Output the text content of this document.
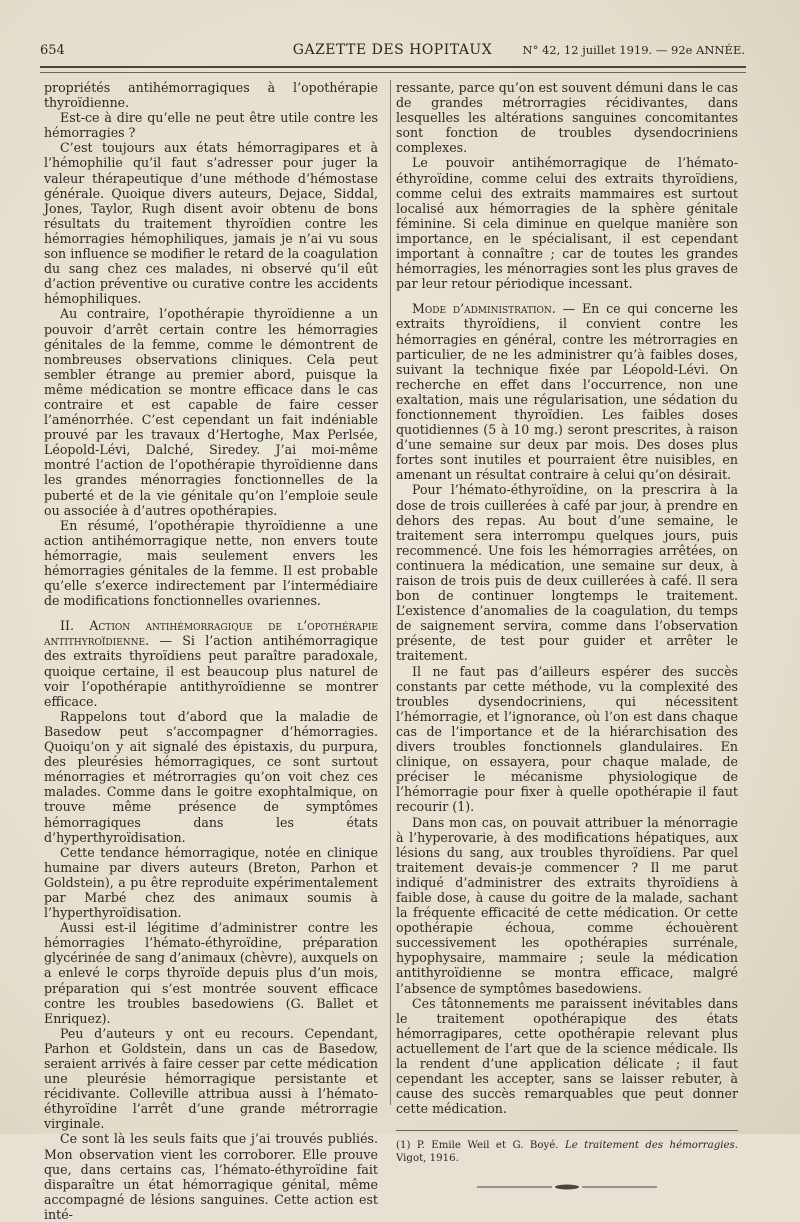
654	GAZETTE DES HOPITAUX	N° 42, 12 juillet 1919. — 92e ANNÉE.

propriétés antihémorragiques à l’opothérapie thyroïdienne.

Est-ce à dire qu’elle ne peut être utile contre les hémorragies ?

C’est toujours aux états hémorragipares et à l’hémophilie qu’il faut s’adresser pour juger la valeur thérapeutique d’une méthode d’hémostase générale. Quoique divers auteurs, Dejace, Siddal, Jones, Taylor, Rugh disent avoir obtenu de bons résultats du traitement thyroïdien contre les hémorragies hémophiliques, jamais je n’ai vu sous son influence se modifier le retard de la coagulation du sang chez ces malades, ni observé qu’il eût d’action préventive ou curative contre les accidents hémophiliques.

Au contraire, l’opothérapie thyroïdienne a un pouvoir d’arrêt certain contre les hémorragies génitales de la femme, comme le démontrent de nombreuses observations cliniques. Cela peut sembler étrange au premier abord, puisque la même médication se montre efficace dans le cas contraire et est capable de faire cesser l’aménorrhée. C’est cependant un fait indéniable prouvé par les travaux d’Hertoghe, Max Perlsée, Léopold-Lévi, Dalché, Siredey. J’ai moi-même montré l’action de l’opothérapie thyroïdienne dans les grandes ménorragies fonctionnelles de la puberté et de la vie génitale qu’on l’emploie seule ou associée à d’autres opothérapies.

En résumé, l’opothérapie thyroïdienne a une action antihémorragique nette, non envers toute hémorragie, mais seulement envers les hémorragies génitales de la femme. Il est probable qu’elle s’exerce indirectement par l’intermédiaire de modifications fonctionnelles ovariennes.

II. Action antihémorragique de l’opothérapie antithyroïdienne. — Si l’action antihémorragique des extraits thyroïdiens peut paraître paradoxale, quoique certaine, il est beaucoup plus naturel de voir l’opothérapie antithyroïdienne se montrer efficace.

Rappelons tout d’abord que la maladie de Basedow peut s’accompagner d’hémorragies. Quoiqu’on y ait signalé des épistaxis, du purpura, des pleurésies hémorragiques, ce sont surtout ménorragies et métrorragies qu’on voit chez ces malades. Comme dans le goitre exophtalmique, on trouve même présence de symptômes hémorragiques dans les états d’hyperthyroïdisation.

Cette tendance hémorragique, notée en clinique humaine par divers auteurs (Breton, Parhon et Goldstein), a pu être reproduite expérimentalement par Marbé chez des animaux soumis à l’hyperthyroïdisation.

Aussi est-il légitime d’administrer contre les hémorragies l’hémato-éthyroïdine, préparation glycérinée de sang d’animaux (chèvre), auxquels on a enlevé le corps thyroïde depuis plus d’un mois, préparation qui s’est montrée souvent efficace contre les troubles basedowiens (G. Ballet et Enriquez).

Peu d’auteurs y ont eu recours. Cependant, Parhon et Goldstein, dans un cas de Basedow, seraient arrivés à faire cesser par cette médication une pleurésie hémorragique persistante et récidivante. Colleville attribua aussi à l’hémato-éthyroïdine l’arrêt d’une grande métrorragie virginale.

Ce sont là les seuls faits que j’ai trouvés publiés. Mon observation vient les corroborer. Elle prouve que, dans certains cas, l’hémato-éthyroïdine fait disparaître un état hémorragique génital, même accompagné de lésions sanguines. Cette action est inté-

ressante, parce qu’on est souvent démuni dans le cas de grandes métrorragies récidivantes, dans lesquelles les altérations sanguines concomitantes sont fonction de troubles dysendocriniens complexes.

Le pouvoir antihémorragique de l’hémato-éthyroïdine, comme celui des extraits thyroïdiens, comme celui des extraits mammaires est surtout localisé aux hémorragies de la sphère génitale féminine. Si cela diminue en quelque manière son importance, en le spécialisant, il est cependant important à connaître ; car de toutes les grandes hémorragies, les ménorragies sont les plus graves de par leur retour périodique incessant.

Mode d’administration. — En ce qui concerne les extraits thyroïdiens, il convient contre les hémorragies en général, contre les métrorragies en particulier, de ne les administrer qu’à faibles doses, suivant la technique fixée par Léopold-Lévi. On recherche en effet dans l’occurrence, non une exaltation, mais une régularisation, une sédation du fonctionnement thyroïdien. Les faibles doses quotidiennes (5 à 10 mg.) seront prescrites, à raison d’une semaine sur deux par mois. Des doses plus fortes sont inutiles et pourraient être nuisibles, en amenant un résultat contraire à celui qu’on désirait.

Pour l’hémato-éthyroïdine, on la prescrira à la dose de trois cuillerées à café par jour, à prendre en dehors des repas. Au bout d’une semaine, le traitement sera interrompu quelques jours, puis recommencé. Une fois les hémorragies arrêtées, on continuera la médication, une semaine sur deux, à raison de trois puis de deux cuillerées à café. Il sera bon de continuer longtemps le traitement. L’existence d’anomalies de la coagulation, du temps de saignement servira, comme dans l’observation présente, de test pour guider et arrêter le traitement.

Il ne faut pas d’ailleurs espérer des succès constants par cette méthode, vu la complexité des troubles dysendocriniens, qui nécessitent l’hémorragie, et l’ignorance, où l’on est dans chaque cas de l’importance et de la hiérarchisation des divers troubles fonctionnels glandulaires. En clinique, on essayera, pour chaque malade, de préciser le mécanisme physiologique de l’hémorragie pour fixer à quelle opothérapie il faut recourir (1).

Dans mon cas, on pouvait attribuer la ménorragie à l’hyperovarie, à des modifications hépatiques, aux lésions du sang, aux troubles thyroïdiens. Par quel traitement devais-je commencer ? Il me parut indiqué d’administrer des extraits thyroïdiens à faible dose, à cause du goitre de la malade, sachant la fréquente efficacité de cette médication. Or cette opothérapie échoua, comme échouèrent successivement les opothérapies surrénale, hypophysaire, mammaire ; seule la médication antithyroïdienne se montra efficace, malgré l’absence de symptômes basedowiens.

Ces tâtonnements me paraissent inévitables dans le traitement opothérapique des états hémorragipares, cette opothérapie relevant plus actuellement de l’art que de la science médicale. Ils la rendent d’une application délicate ; il faut cependant les accepter, sans se laisser rebuter, à cause des succès remarquables que peut donner cette médication.

(1) P. Emile Weil et G. Boyé. Le traitement des hémorragies. Vigot, 1916.
